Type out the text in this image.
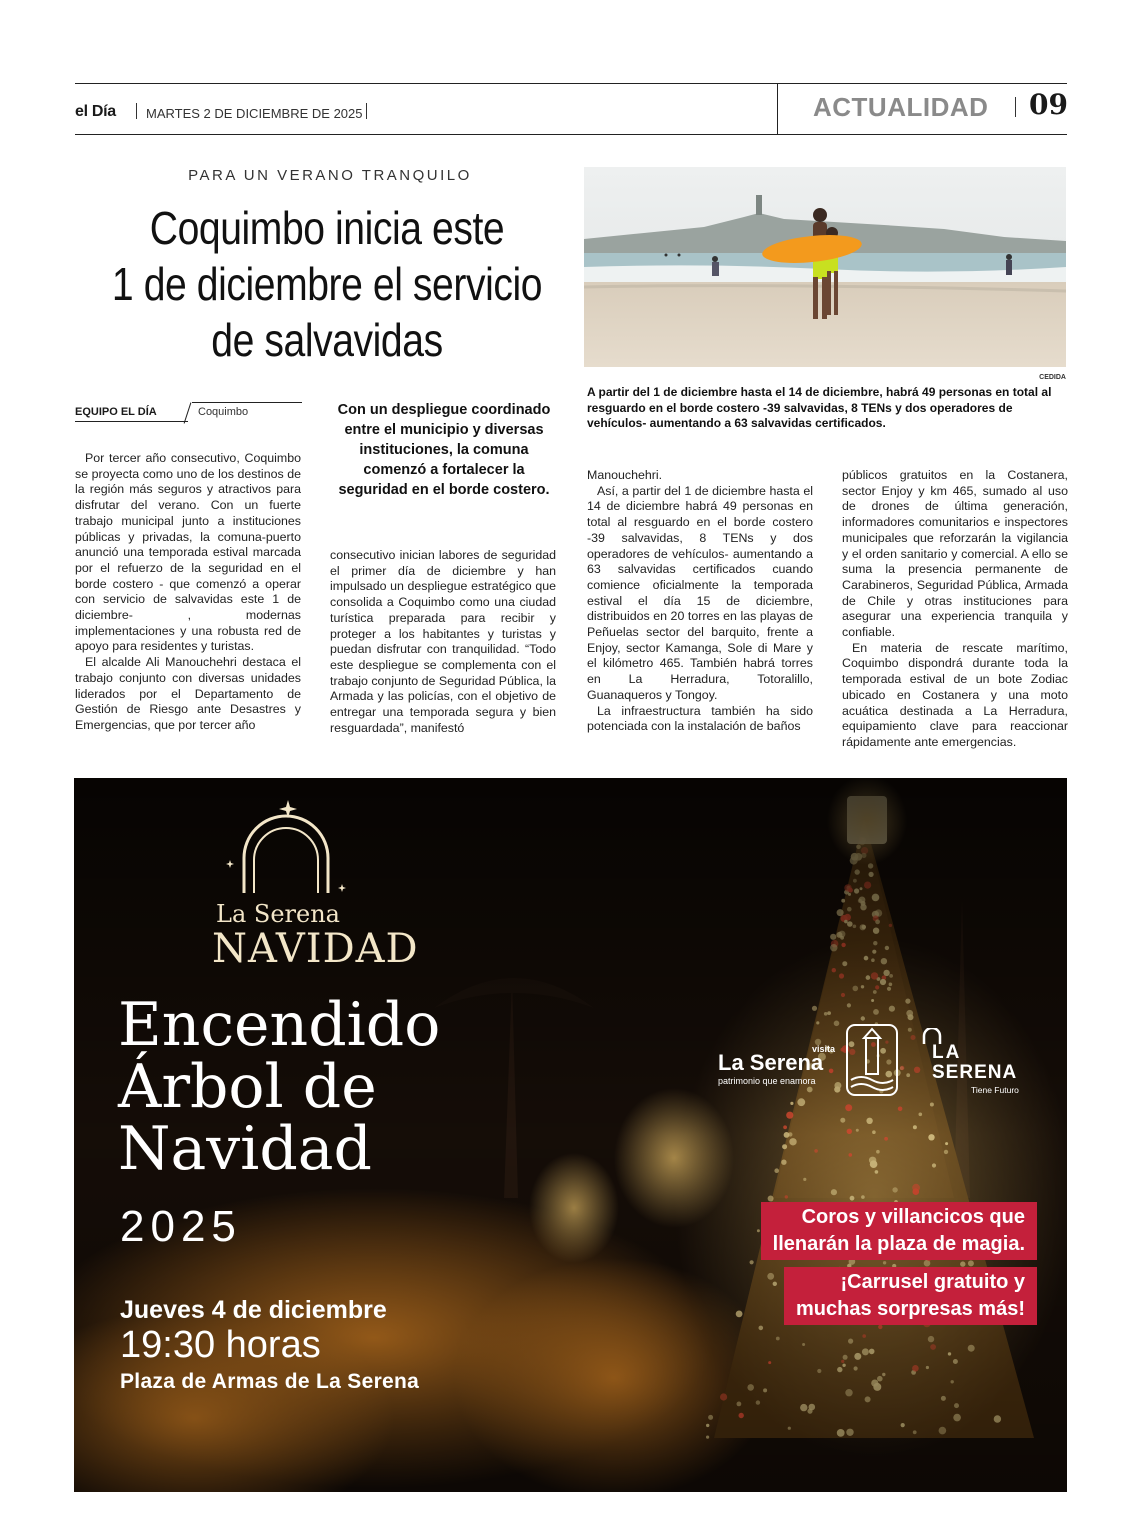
el Día MARTES 2 DE DICIEMBRE DE 2025	ACTUALIDAD 09
PARA UN VERANO TRANQUILO
Coquimbo inicia este
1 de diciembre el servicio
de salvavidas
CEDIDA
A partir del 1 de diciembre hasta el 14 de diciembre, habrá 49 personas en total al resguardo en el borde costero -39 salvavidas, 8 TENs y dos operadores de vehículos- aumentando a 63 salvavidas certificados.
EQUIPO EL DÍA	Coquimbo	Con un despliegue coordinado entre el municipio y diversas instituciones, la comuna comenzó a fortalecer la seguridad en el borde costero.

Por tercer año consecutivo, Coquimbo se proyecta como uno de los destinos de la región más seguros y atractivos para disfrutar del verano. Con un fuerte trabajo municipal junto a instituciones públicas y privadas, la comuna-puerto anunció una temporada estival marcada por el refuerzo de la seguridad en el borde costero - que comenzó a operar con servicio de salvavidas este 1 de diciembre- , modernas implementaciones y una robusta red de apoyo para residentes y turistas.

El alcalde Ali Manouchehri destaca el trabajo conjunto con diversas unidades liderados por el Departamento de Gestión de Riesgo ante Desastres y Emergencias, que por tercer año

consecutivo inician labores de seguridad el primer día de diciembre y han impulsado un despliegue estratégico que consolida a Coquimbo como una ciudad turística preparada para recibir y proteger a los habitantes y turistas y puedan disfrutar con tranquilidad. “Todo este despliegue se complementa con el trabajo conjunto de Seguridad Pública, la Armada y las policías, con el objetivo de entregar una temporada segura y bien resguardada”, manifestó

Manouchehri.

Así, a partir del 1 de diciembre hasta el 14 de diciembre habrá 49 personas en total al resguardo en el borde costero -39 salvavidas, 8 TENs y dos operadores de vehículos- aumentando a 63 salvavidas certificados cuando comience oficialmente la temporada estival el día 15 de diciembre, distribuidos en 20 torres en las playas de Peñuelas sector del barquito, frente a Enjoy, sector Kamanga, Sole di Mare y el kilómetro 465. También habrá torres en La Herradura, Totoralillo, Guanaqueros y Tongoy.

La infraestructura también ha sido potenciada con la instalación de baños

públicos gratuitos en la Costanera, sector Enjoy y km 465, sumado al uso de drones de última generación, informadores comunitarios e inspectores municipales que reforzarán la vigilancia y el orden sanitario y comercial. A ello se suma la presencia permanente de Carabineros, Seguridad Pública, Armada de Chile y otras instituciones para asegurar una experiencia tranquila y confiable.

En materia de rescate marítimo, Coquimbo dispondrá durante toda la temporada estival de un bote Zodiac ubicado en Costanera y una moto acuática destinada a La Herradura, equipamiento clave para reaccionar rápidamente ante emergencias.

La Serena
NAVIDAD
Encendido
Árbol de
Navidad
2025
Jueves 4 de diciembre
19:30 horas
Plaza de Armas de La Serena
Coros y villancicos que
llenarán la plaza de magia.
¡Carrusel gratuito y
muchas sorpresas más!
visita
La Serena
patrimonio que enamora
LA
SERENA
Tiene Futuro
